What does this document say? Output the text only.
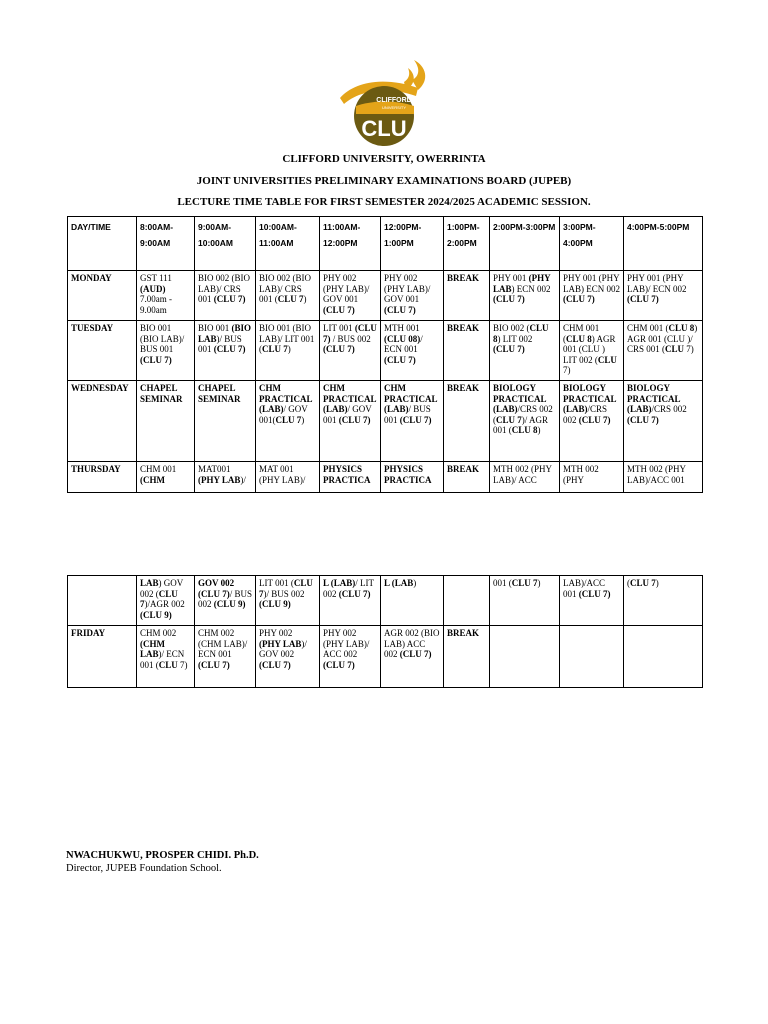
CLIFFORD
UNIVERSITY
CLU
CLIFFORD UNIVERSITY, OWERRINTA
JOINT UNIVERSITIES PRELIMINARY EXAMINATIONS BOARD (JUPEB)
LECTURE TIME TABLE FOR FIRST SEMESTER 2024/2025 ACADEMIC SESSION.
DAY/TIME	8:00AM-9:00AM	9:00AM-10:00AM	10:00AM-11:00AM	11:00AM-12:00PM	12:00PM-1:00PM	1:00PM-2:00PM	2:00PM-3:00PM	3:00PM-4:00PM	4:00PM-5:00PM
MONDAY	GST 111 (AUD) 7.00am - 9.00am	BIO 002 (BIO LAB)/ CRS 001 (CLU 7)	BIO 002 (BIO LAB)/ CRS 001 (CLU 7)	PHY 002 (PHY LAB)/ GOV 001 (CLU 7)	PHY 002 (PHY LAB)/ GOV 001 (CLU 7)	BREAK	PHY 001 (PHY LAB) ECN 002 (CLU 7)	PHY 001 (PHY LAB) ECN 002 (CLU 7)	PHY 001 (PHY LAB)/ ECN 002 (CLU 7)
TUESDAY	BIO 001 (BIO LAB)/ BUS 001 (CLU 7)	BIO 001 (BIO LAB)/ BUS 001 (CLU 7)	BIO 001 (BIO LAB)/ LIT 001 (CLU 7)	LIT 001 (CLU 7) / BUS 002 (CLU 7)	MTH 001 (CLU 08)/ ECN 001 (CLU 7)	BREAK	BIO 002 (CLU 8) LIT 002 (CLU 7)	CHM 001 (CLU 8) AGR 001 (CLU ) LIT 002 (CLU 7)	CHM 001 (CLU 8) AGR 001 (CLU )/ CRS 001 (CLU 7)
WEDNESDAY	CHAPEL SEMINAR	CHAPEL SEMINAR	CHM PRACTICAL (LAB)/ GOV 001(CLU 7)	CHM PRACTICAL (LAB)/ GOV 001 (CLU 7)	CHM PRACTICAL (LAB)/ BUS 001 (CLU 7)	BREAK	BIOLOGY PRACTICAL (LAB)/CRS 002 (CLU 7)/ AGR 001 (CLU 8)	BIOLOGY PRACTICAL (LAB)/CRS 002 (CLU 7)	BIOLOGY PRACTICAL (LAB)/CRS 002 (CLU 7)
THURSDAY	CHM 001 (CHM	MAT001 (PHY LAB)/	MAT 001 (PHY LAB)/	PHYSICS PRACTICA	PHYSICS PRACTICA	BREAK	MTH 002 (PHY LAB)/ ACC	MTH 002 (PHY	MTH 002 (PHY LAB)/ACC 001
	LAB) GOV 002 (CLU 7)/AGR 002 (CLU 9)	GOV 002 (CLU 7)/ BUS 002 (CLU 9)	LIT 001 (CLU 7)/ BUS 002 (CLU 9)	L (LAB)/ LIT 002 (CLU 7)	L (LAB)		001 (CLU 7)	LAB)/ACC 001 (CLU 7)	(CLU 7)
FRIDAY	CHM 002 (CHM LAB)/ ECN 001 (CLU 7)	CHM 002 (CHM LAB)/ ECN 001 (CLU 7)	PHY 002 (PHY LAB)/ GOV 002 (CLU 7)	PHY 002 (PHY LAB)/ ACC 002 (CLU 7)	AGR 002 (BIO LAB) ACC 002 (CLU 7)	BREAK			
NWACHUKWU, PROSPER CHIDI. Ph.D.
Director, JUPEB Foundation School.
